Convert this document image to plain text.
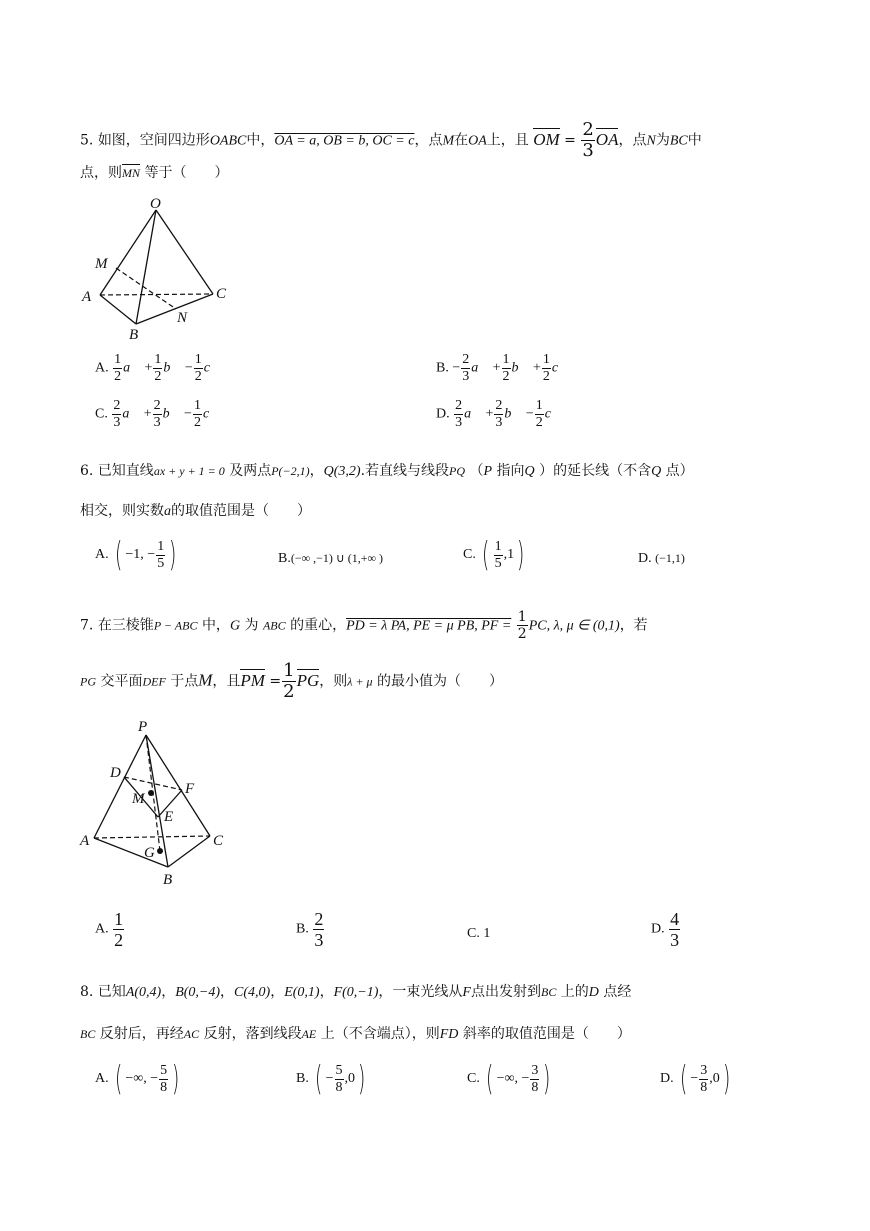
5. 如图，空间四边形OABC中，OA = a, OB = b, OC = c，点M在OA上，且 OM = $\frac{2}{3}$ OA，点N为BC中
点，则MN 等于（　　）
O
M
A	C
B
N
A. $\frac{1}{2}$ a⃗ + $\frac{1}{2}$ b⃗ − $\frac{1}{2}$ c⃗	B. − $\frac{2}{3}$ a⃗ + $\frac{1}{2}$ b⃗ + $\frac{1}{2}$ c⃗
C. $\frac{2}{3}$ a⃗ + $\frac{2}{3}$ b⃗ − $\frac{1}{2}$ c⃗	D. $\frac{2}{3}$ a⃗ + $\frac{2}{3}$ b⃗ − $\frac{1}{2}$ c⃗
6. 已知直线ax + y + 1 = 0 及两点P(−2,1)，Q(3,2).若直线与线段PQ （P 指向Q ）的延长线（不含Q 点）
相交，则实数a的取值范围是（　　）
A. ( −1, − $\frac{1}{5}$ )	B.(−∞ ,−1) ∪ (1,+∞ )	C. ( $\frac{1}{5} ,1$ )	D. (−1,1)
7. 在三棱锥P − ABC 中，G 为 ABC 的重心，PD = λ PA, PE = μ PB, PF = $\frac{1}{2}$ PC, λ, μ ∈ (0,1)，若
PG 交平面DEF 于点M，且PM = $\frac{1}{2}$ PG，则λ + μ 的最小值为（　　）
P
D
F
M
E
A	C
G
B
A. $\frac{1}{2}$	B. $\frac{2}{3}$	C. 1	D. $\frac{4}{3}$
8. 已知A(0,4)，B(0,−4)，C(4,0)，E(0,1)，F(0,−1)，一束光线从F点出发射到BC 上的D 点经
BC 反射后，再经AC 反射，落到线段AE 上（不含端点），则FD 斜率的取值范围是（　　）
A. ( −∞, − $\frac{5}{8}$ )	B. ( − $\frac{5}{8} ,0$ )	C. ( −∞, − $\frac{3}{8}$ )	D. ( − $\frac{3}{8} ,0$ )
